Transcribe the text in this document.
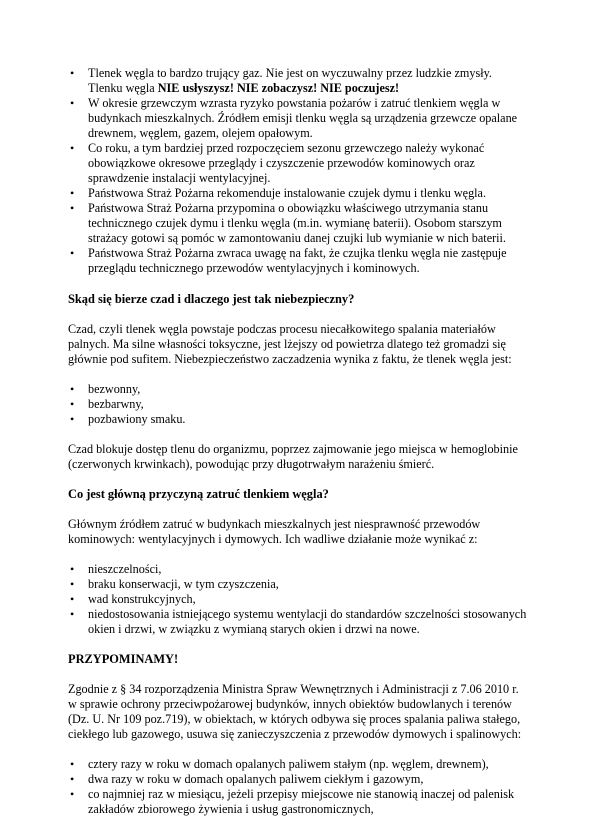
• Tlenek węgla to bardzo trujący gaz. Nie jest on wyczuwalny przez ludzkie zmysły. Tlenku węgla NIE usłyszysz! NIE zobaczysz! NIE poczujesz!
• W okresie grzewczym wzrasta ryzyko powstania pożarów i zatruć tlenkiem węgla w budynkach mieszkalnych. Źródłem emisji tlenku węgla są urządzenia grzewcze opalane drewnem, węglem, gazem, olejem opałowym.
• Co roku, a tym bardziej przed rozpoczęciem sezonu grzewczego należy wykonać obowiązkowe okresowe przeglądy i czyszczenie przewodów kominowych oraz sprawdzenie instalacji wentylacyjnej.
• Państwowa Straż Pożarna rekomenduje instalowanie czujek dymu i tlenku węgla.
• Państwowa Straż Pożarna przypomina o obowiązku właściwego utrzymania stanu technicznego czujek dymu i tlenku węgla (m.in. wymianę baterii). Osobom starszym strażacy gotowi są pomóc w zamontowaniu danej czujki lub wymianie w nich baterii.
• Państwowa Straż Pożarna zwraca uwagę na fakt, że czujka tlenku węgla nie zastępuje przeglądu technicznego przewodów wentylacyjnych i kominowych.
Skąd się bierze czad i dlaczego jest tak niebezpieczny?

Czad, czyli tlenek węgla powstaje podczas procesu niecałkowitego spalania materiałów palnych. Ma silne własności toksyczne, jest lżejszy od powietrza dlatego też gromadzi się głównie pod sufitem. Niebezpieczeństwo zaczadzenia wynika z faktu, że tlenek węgla jest:

• bezwonny,
• bezbarwny,
• pozbawiony smaku.

Czad blokuje dostęp tlenu do organizmu, poprzez zajmowanie jego miejsca w hemoglobinie (czerwonych krwinkach), powodując przy długotrwałym narażeniu śmierć.

Co jest główną przyczyną zatruć tlenkiem węgla?

Głównym źródłem zatruć w budynkach mieszkalnych jest niesprawność przewodów kominowych: wentylacyjnych i dymowych. Ich wadliwe działanie może wynikać z:

• nieszczelności,
• braku konserwacji, w tym czyszczenia,
• wad konstrukcyjnych,
• niedostosowania istniejącego systemu wentylacji do standardów szczelności stosowanych okien i drzwi, w związku z wymianą starych okien i drzwi na nowe.
PRZYPOMINAMY!

Zgodnie z § 34 rozporządzenia Ministra Spraw Wewnętrznych i Administracji z 7.06 2010 r. w sprawie ochrony przeciwpożarowej budynków, innych obiektów budowlanych i terenów (Dz. U. Nr 109 poz.719), w obiektach, w których odbywa się proces spalania paliwa stałego, ciekłego lub gazowego, usuwa się zanieczyszczenia z przewodów dymowych i spalinowych:

• cztery razy w roku w domach opalanych paliwem stałym (np. węglem, drewnem),
• dwa razy w roku w domach opalanych paliwem ciekłym i gazowym,
• co najmniej raz w miesiącu, jeżeli przepisy miejscowe nie stanowią inaczej od palenisk zakładów zbiorowego żywienia i usług gastronomicznych,
